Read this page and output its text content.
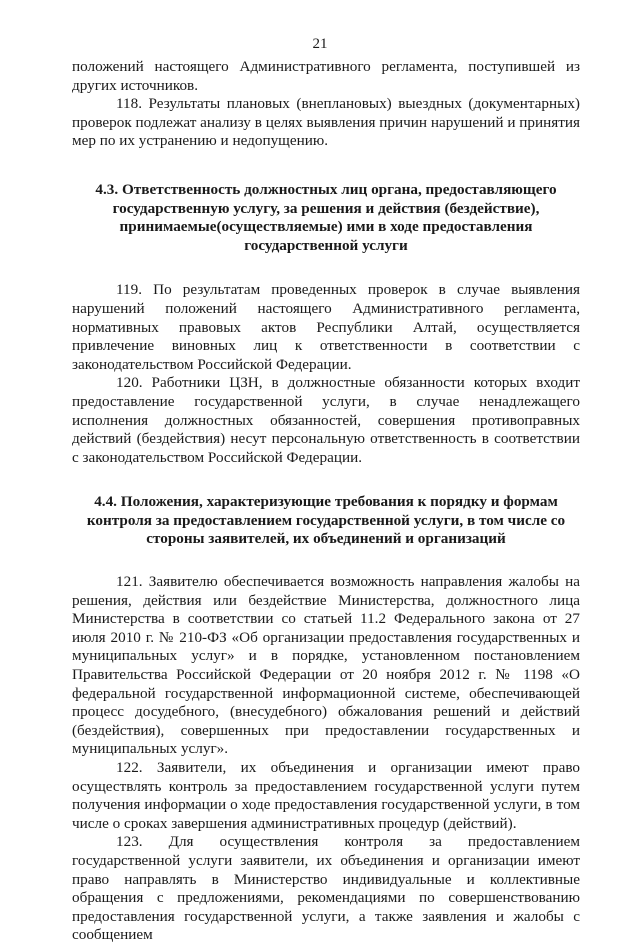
21

положений настоящего Административного регламента, поступившей из других источников.

118. Результаты плановых (внеплановых) выездных (документарных) проверок подлежат анализу в целях выявления причин нарушений и принятия мер по их устранению и недопущению.

4.3. Ответственность должностных лиц органа, предоставляющего государственную услугу, за решения и действия (бездействие), принимаемые(осуществляемые) ими в ходе предоставления государственной услуги

119. По результатам проведенных проверок в случае выявления нарушений положений настоящего Административного регламента, нормативных правовых актов Республики Алтай, осуществляется привлечение виновных лиц к ответственности в соответствии с законодательством Российской Федерации.

120. Работники ЦЗН, в должностные обязанности которых входит предоставление государственной услуги, в случае ненадлежащего исполнения должностных обязанностей, совершения противоправных действий (бездействия) несут персональную ответственность в соответствии с законодательством Российской Федерации.

4.4. Положения, характеризующие требования к порядку и формам контроля за предоставлением государственной услуги, в том числе со стороны заявителей, их объединений и организаций

121. Заявителю обеспечивается возможность направления жалобы на решения, действия или бездействие Министерства, должностного лица Министерства в соответствии со статьей 11.2 Федерального закона от 27 июля 2010 г. № 210-ФЗ «Об организации предоставления государственных и муниципальных услуг» и в порядке, установленном постановлением Правительства Российской Федерации от 20 ноября 2012 г. № 1198 «О федеральной государственной информационной системе, обеспечивающей процесс досудебного, (внесудебного) обжалования решений и действий (бездействия), совершенных при предоставлении государственных и муниципальных услуг».

122. Заявители, их объединения и организации имеют право осуществлять контроль за предоставлением государственной услуги путем получения информации о ходе предоставления государственной услуги, в том числе о сроках завершения административных процедур (действий).

123. Для осуществления контроля за предоставлением государственной услуги заявители, их объединения и организации имеют право направлять в Министерство индивидуальные и коллективные обращения с предложениями, рекомендациями по совершенствованию предоставления государственной услуги, а также заявления и жалобы с сообщением
